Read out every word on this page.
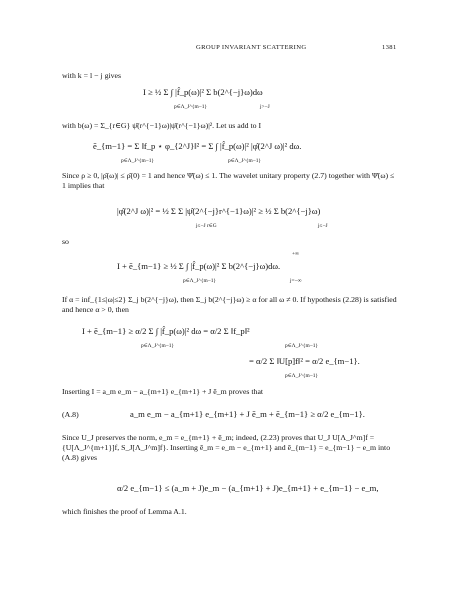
GROUP INVARIANT SCATTERING	1381
with k = l − j gives
I ≥ ½ Σ ∫ |f̂_p(ω)|² Σ b(2^{−j}ω)dω
p∈Λ_J^{m−1}	j>−J
with b(ω) = Σ_{r∈G} ψ̂(r^{−1}ω)|ψ̂(r^{−1}ω)|². Let us add to I
ē_{m−1} = Σ ‖f_p ⋆ φ_{2^J}‖² = Σ ∫ |f̂_p(ω)|² |φ̂(2^J ω)|² dω.
p∈Λ_J^{m−1}	p∈Λ_J^{m−1}
Since ρ ≥ 0, |ρ̂(ω)| ≤ ρ̂(0) = 1 and hence Ψ̂(ω) ≤ 1. The wavelet unitary property (2.7) together with Ψ̂(ω) ≤ 1 implies that
|φ̂(2^J ω)|² = ½ Σ Σ |ψ̂(2^{−j}r^{−1}ω)|² ≥ ½ Σ b(2^{−j}ω)
j≤−J r∈G	j≤−J
so
+∞
I + ē_{m−1} ≥ ½ Σ ∫ |f̂_p(ω)|² Σ b(2^{−j}ω)dω.
p∈Λ_J^{m−1}	j=−∞
If α = inf_{1≤|ω|≤2} Σ_j b(2^{−j}ω), then Σ_j b(2^{−j}ω) ≥ α for all ω ≠ 0. If hypothesis (2.28) is satisfied and hence α > 0, then
I + ē_{m−1} ≥ α/2 Σ ∫ |f̂_p(ω)|² dω = α/2 Σ ‖f_p‖²
p∈Λ_J^{m−1}	p∈Λ_J^{m−1}
= α/2 Σ ‖U[p]f‖² = α/2 e_{m−1}.
p∈Λ_J^{m−1}
Inserting I = a_m e_m − a_{m+1} e_{m+1} + J ē_m proves that
(A.8)	a_m e_m − a_{m+1} e_{m+1} + J ē_m + ē_{m−1} ≥ α/2 e_{m−1}.
Since U_J preserves the norm, e_m = e_{m+1} + ē_m; indeed, (2.23) proves that U_J U[Λ_J^m]f = {U[Λ_J^{m+1}]f, S_J[Λ_J^m]f}. Inserting ē_m = e_m − e_{m+1} and ē_{m−1} = e_{m−1} − e_m into (A.8) gives
α/2 e_{m−1} ≤ (a_m + J)e_m − (a_{m+1} + J)e_{m+1} + e_{m−1} − e_m,
which finishes the proof of Lemma A.1.
